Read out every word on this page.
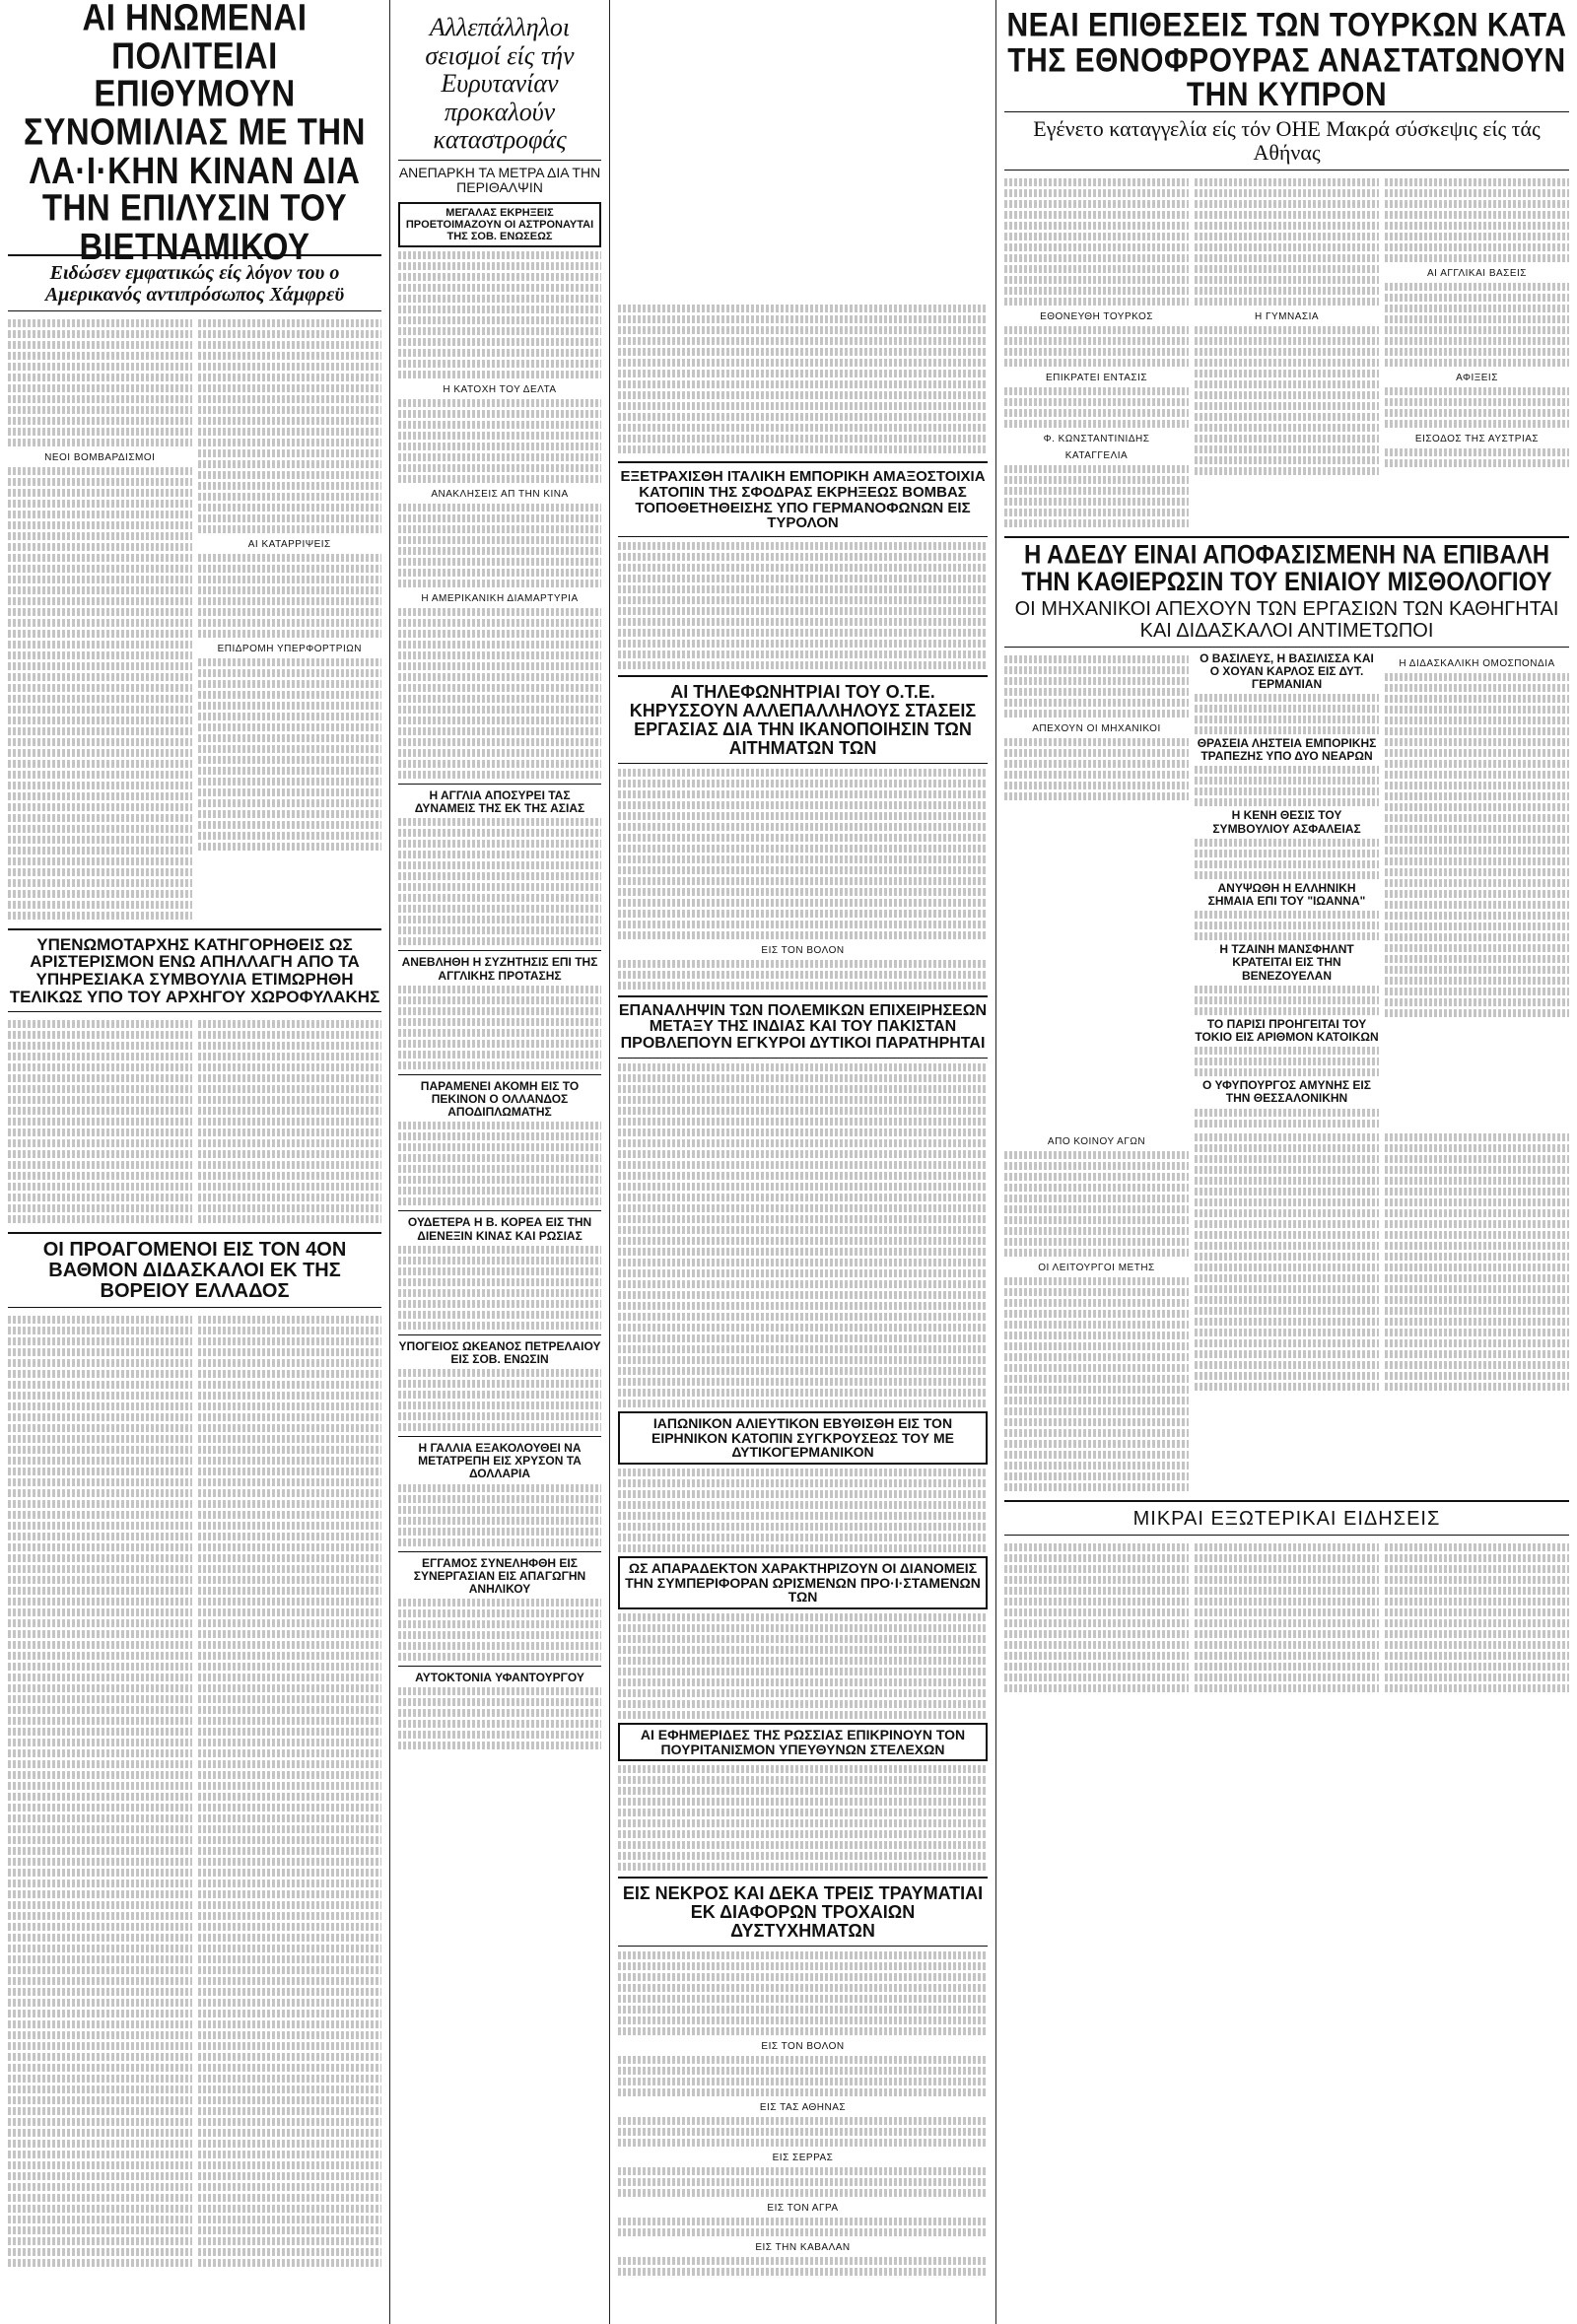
ΑΙ ΗΝΩΜΕΝΑΙ ΠΟΛΙΤΕΙΑΙ ΕΠΙΘΥΜΟΥΝ ΣΥΝΟΜΙΛΙΑΣ ΜΕ ΤΗΝ ΛΑ·Ι·ΚΗΝ ΚΙΝΑΝ ΔΙΑ ΤΗΝ ΕΠΙΛΥΣΙΝ ΤΟΥ ΒΙΕΤΝΑΜΙΚΟΥ
Ειδώσεν εμφατικώς είς λόγον του ο Αμερικανός αντιπρόσωπος Χάμφρεϋ
ΝΕΟΙ ΒΟΜΒΑΡΔΙΣΜΟΙ
ΑΙ ΚΑΤΑΡΡΙΨΕΙΣ
ΕΠΙΔΡΟΜΗ ΥΠΕΡΦΟΡΤΡΙΩΝ
ΥΠΕΝΩΜΟΤΑΡΧΗΣ ΚΑΤΗΓΟΡΗΘΕΙΣ ΩΣ ΑΡΙΣΤΕΡΙΣΜΟΝ ΕΝΩ ΑΠΗΛΛΑΓΗ ΑΠΟ ΤΑ ΥΠΗΡΕΣΙΑΚΑ ΣΥΜΒΟΥΛΙΑ ΕΤΙΜΩΡΗΘΗ ΤΕΛΙΚΩΣ ΥΠΟ ΤΟΥ ΑΡΧΗΓΟΥ ΧΩΡΟΦΥΛΑΚΗΣ
ΟΙ ΠΡΟΑΓΟΜΕΝΟΙ ΕΙΣ ΤΟΝ 4ΟΝ ΒΑΘΜΟΝ ΔΙΔΑΣΚΑΛΟΙ ΕΚ ΤΗΣ ΒΟΡΕΙΟΥ ΕΛΛΑΔΟΣ
Αλλεπάλληλοι σεισμοί είς τήν Ευρυτανίαν προκαλούν καταστροφάς
ΑΝΕΠΑΡΚΗ ΤΑ ΜΕΤΡΑ ΔΙΑ ΤΗΝ ΠΕΡΙΘΑΛΨΙΝ
ΜΕΓΑΛΑΣ ΕΚΡΗΞΕΙΣ ΠΡΟΕΤΟΙΜΑΖΟΥΝ ΟΙ ΑΣΤΡΟΝΑΥΤΑΙ ΤΗΣ ΣΟΒ. ΕΝΩΣΕΩΣ
Η ΚΑΤΟΧΗ ΤΟΥ ΔΕΛΤΑ
ΑΝΑΚΛΗΣΕΙΣ ΑΠ ΤΗΝ ΚΙΝΑ
Η ΑΜΕΡΙΚΑΝΙΚΗ ΔΙΑΜΑΡΤΥΡΙΑ
Η ΑΓΓΛΙΑ ΑΠΟΣΥΡΕΙ ΤΑΣ ΔΥΝΑΜΕΙΣ ΤΗΣ ΕΚ ΤΗΣ ΑΣΙΑΣ
ΑΝΕΒΛΗΘΗ Η ΣΥΖΗΤΗΣΙΣ ΕΠΙ ΤΗΣ ΑΓΓΛΙΚΗΣ ΠΡΟΤΑΣΗΣ
ΠΑΡΑΜΕΝΕΙ ΑΚΟΜΗ ΕΙΣ ΤΟ ΠΕΚΙΝΟΝ Ο ΟΛΛΑΝΔΟΣ ΑΠΟΔΙΠΛΩΜΑΤΗΣ
ΟΥΔΕΤΕΡΑ Η Β. ΚΟΡΕΑ ΕΙΣ ΤΗΝ ΔΙΕΝΕΞΙΝ ΚΙΝΑΣ ΚΑΙ ΡΩΣΙΑΣ
ΥΠΟΓΕΙΟΣ ΩΚΕΑΝΟΣ ΠΕΤΡΕΛΑΙΟΥ ΕΙΣ ΣΟΒ. ΕΝΩΣΙΝ
Η ΓΑΛΛΙΑ ΕΞΑΚΟΛΟΥΘΕΙ ΝΑ ΜΕΤΑΤΡΕΠΗ ΕΙΣ ΧΡΥΣΟΝ ΤΑ ΔΟΛΛΑΡΙΑ
ΕΓΓΑΜΟΣ ΣΥΝΕΛΗΦΘΗ ΕΙΣ ΣΥΝΕΡΓΑΣΙΑΝ ΕΙΣ ΑΠΑΓΩΓΗΝ ΑΝΗΛΙΚΟΥ
ΑΥΤΟΚΤΟΝΙΑ ΥΦΑΝΤΟΥΡΓΟΥ
ΕΞΕΤΡΑΧΙΣΘΗ ΙΤΑΛΙΚΗ ΕΜΠΟΡΙΚΗ ΑΜΑΞΟΣΤΟΙΧΙΑ ΚΑΤΟΠΙΝ ΤΗΣ ΣΦΟΔΡΑΣ ΕΚΡΗΞΕΩΣ ΒΟΜΒΑΣ ΤΟΠΟΘΕΤΗΘΕΙΣΗΣ ΥΠΟ ΓΕΡΜΑΝΟΦΩΝΩΝ ΕΙΣ ΤΥΡΟΛΟΝ
ΑΙ ΤΗΛΕΦΩΝΗΤΡΙΑΙ ΤΟΥ Ο.Τ.Ε. ΚΗΡΥΣΣΟΥΝ ΑΛΛΕΠΑΛΛΗΛΟΥΣ ΣΤΑΣΕΙΣ ΕΡΓΑΣΙΑΣ ΔΙΑ ΤΗΝ ΙΚΑΝΟΠΟΙΗΣΙΝ ΤΩΝ ΑΙΤΗΜΑΤΩΝ ΤΩΝ
ΕΙΣ ΤΟΝ ΒΟΛΟΝ
ΕΠΑΝΑΛΗΨΙΝ ΤΩΝ ΠΟΛΕΜΙΚΩΝ ΕΠΙΧΕΙΡΗΣΕΩΝ ΜΕΤΑΞΥ ΤΗΣ ΙΝΔΙΑΣ ΚΑΙ ΤΟΥ ΠΑΚΙΣΤΑΝ ΠΡΟΒΛΕΠΟΥΝ ΕΓΚΥΡΟΙ ΔΥΤΙΚΟΙ ΠΑΡΑΤΗΡΗΤΑΙ
ΙΑΠΩΝΙΚΟΝ ΑΛΙΕΥΤΙΚΟΝ ΕΒΥΘΙΣΘΗ ΕΙΣ ΤΟΝ ΕΙΡΗΝΙΚΟΝ ΚΑΤΟΠΙΝ ΣΥΓΚΡΟΥΣΕΩΣ ΤΟΥ ΜΕ ΔΥΤΙΚΟΓΕΡΜΑΝΙΚΟΝ
ΩΣ ΑΠΑΡΑΔΕΚΤΟΝ ΧΑΡΑΚΤΗΡΙΖΟΥΝ ΟΙ ΔΙΑΝΟΜΕΙΣ ΤΗΝ ΣΥΜΠΕΡΙΦΟΡΑΝ ΩΡΙΣΜΕΝΩΝ ΠΡΟ·Ι·ΣΤΑΜΕΝΩΝ ΤΩΝ
ΑΙ ΕΦΗΜΕΡΙΔΕΣ ΤΗΣ ΡΩΣΣΙΑΣ ΕΠΙΚΡΙΝΟΥΝ ΤΟΝ ΠΟΥΡΙΤΑΝΙΣΜΟΝ ΥΠΕΥΘΥΝΩΝ ΣΤΕΛΕΧΩΝ
ΕΙΣ ΝΕΚΡΟΣ ΚΑΙ ΔΕΚΑ ΤΡΕΙΣ ΤΡΑΥΜΑΤΙΑΙ ΕΚ ΔΙΑΦΟΡΩΝ ΤΡΟΧΑΙΩΝ ΔΥΣΤΥΧΗΜΑΤΩΝ
ΕΙΣ ΤΟΝ ΒΟΛΟΝ
ΕΙΣ ΤΑΣ ΑΘΗΝΑΣ
ΕΙΣ ΣΕΡΡΑΣ
ΕΙΣ ΤΟΝ ΑΓΡΑ
ΕΙΣ ΤΗΝ ΚΑΒΑΛΑΝ
ΝΕΑΙ ΕΠΙΘΕΣΕΙΣ ΤΩΝ ΤΟΥΡΚΩΝ ΚΑΤΑ ΤΗΣ ΕΘΝΟΦΡΟΥΡΑΣ ΑΝΑΣΤΑΤΩΝΟΥΝ ΤΗΝ ΚΥΠΡΟΝ
Εγένετο καταγγελία είς τόν ΟΗΕ Μακρά σύσκεψις είς τάς Αθήνας
ΕΘΟΝΕΥΘΗ ΤΟΥΡΚΟΣ
ΕΠΙΚΡΑΤΕΙ ΕΝΤΑΣΙΣ
Φ. ΚΩΝΣΤΑΝΤΙΝΙΔΗΣ
ΚΑΤΑΓΓΕΛΙΑ
Η ΓΥΜΝΑΣΙΑ
ΑΙ ΑΓΓΛΙΚΑΙ ΒΑΣΕΙΣ
ΑΦΙΞΕΙΣ
ΕΙΣΟΔΟΣ ΤΗΣ ΑΥΣΤΡΙΑΣ
Η ΑΔΕΔΥ ΕΙΝΑΙ ΑΠΟΦΑΣΙΣΜΕΝΗ ΝΑ ΕΠΙΒΑΛΗ ΤΗΝ ΚΑΘΙΕΡΩΣΙΝ ΤΟΥ ΕΝΙΑΙΟΥ ΜΙΣΘΟΛΟΓΙΟΥ
ΟΙ ΜΗΧΑΝΙΚΟΙ ΑΠΕΧΟΥΝ ΤΩΝ ΕΡΓΑΣΙΩΝ ΤΩΝ ΚΑΘΗΓΗΤΑΙ ΚΑΙ ΔΙΔΑΣΚΑΛΟΙ ΑΝΤΙΜΕΤΩΠΟΙ
ΑΠΕΧΟΥΝ ΟΙ ΜΗΧΑΝΙΚΟΙ
Ο ΒΑΣΙΛΕΥΣ, Η ΒΑΣΙΛΙΣΣΑ ΚΑΙ Ο ΧΟΥΑΝ ΚΑΡΛΟΣ ΕΙΣ ΔΥΤ. ΓΕΡΜΑΝΙΑΝ
ΘΡΑΣΕΙΑ ΛΗΣΤΕΙΑ ΕΜΠΟΡΙΚΗΣ ΤΡΑΠΕΖΗΣ ΥΠΟ ΔΥΟ ΝΕΑΡΩΝ
Η ΚΕΝΗ ΘΕΣΙΣ ΤΟΥ ΣΥΜΒΟΥΛΙΟΥ ΑΣΦΑΛΕΙΑΣ
ΑΝΥΨΩΘΗ Η ΕΛΛΗΝΙΚΗ ΣΗΜΑΙΑ ΕΠΙ ΤΟΥ "ΙΩΑΝΝΑ"
Η ΤΖΑΙΝΗ ΜΑΝΣΦΗΛΝΤ ΚΡΑΤΕΙΤΑΙ ΕΙΣ ΤΗΝ ΒΕΝΕΖΟΥΕΛΑΝ
ΤΟ ΠΑΡΙΣΙ ΠΡΟΗΓΕΙΤΑΙ ΤΟΥ ΤΟΚΙΟ ΕΙΣ ΑΡΙΘΜΟΝ ΚΑΤΟΙΚΩΝ
Ο ΥΦΥΠΟΥΡΓΟΣ ΑΜΥΝΗΣ ΕΙΣ ΤΗΝ ΘΕΣΣΑΛΟΝΙΚΗΝ
Η ΔΙΔΑΣΚΑΛΙΚΗ ΟΜΟΣΠΟΝΔΙΑ
ΑΠΟ ΚΟΙΝΟΥ ΑΓΩΝ
ΟΙ ΛΕΙΤΟΥΡΓΟΙ ΜΕΤΗΣ
ΜΙΚΡΑΙ ΕΞΩΤΕΡΙΚΑΙ ΕΙΔΗΣΕΙΣ
